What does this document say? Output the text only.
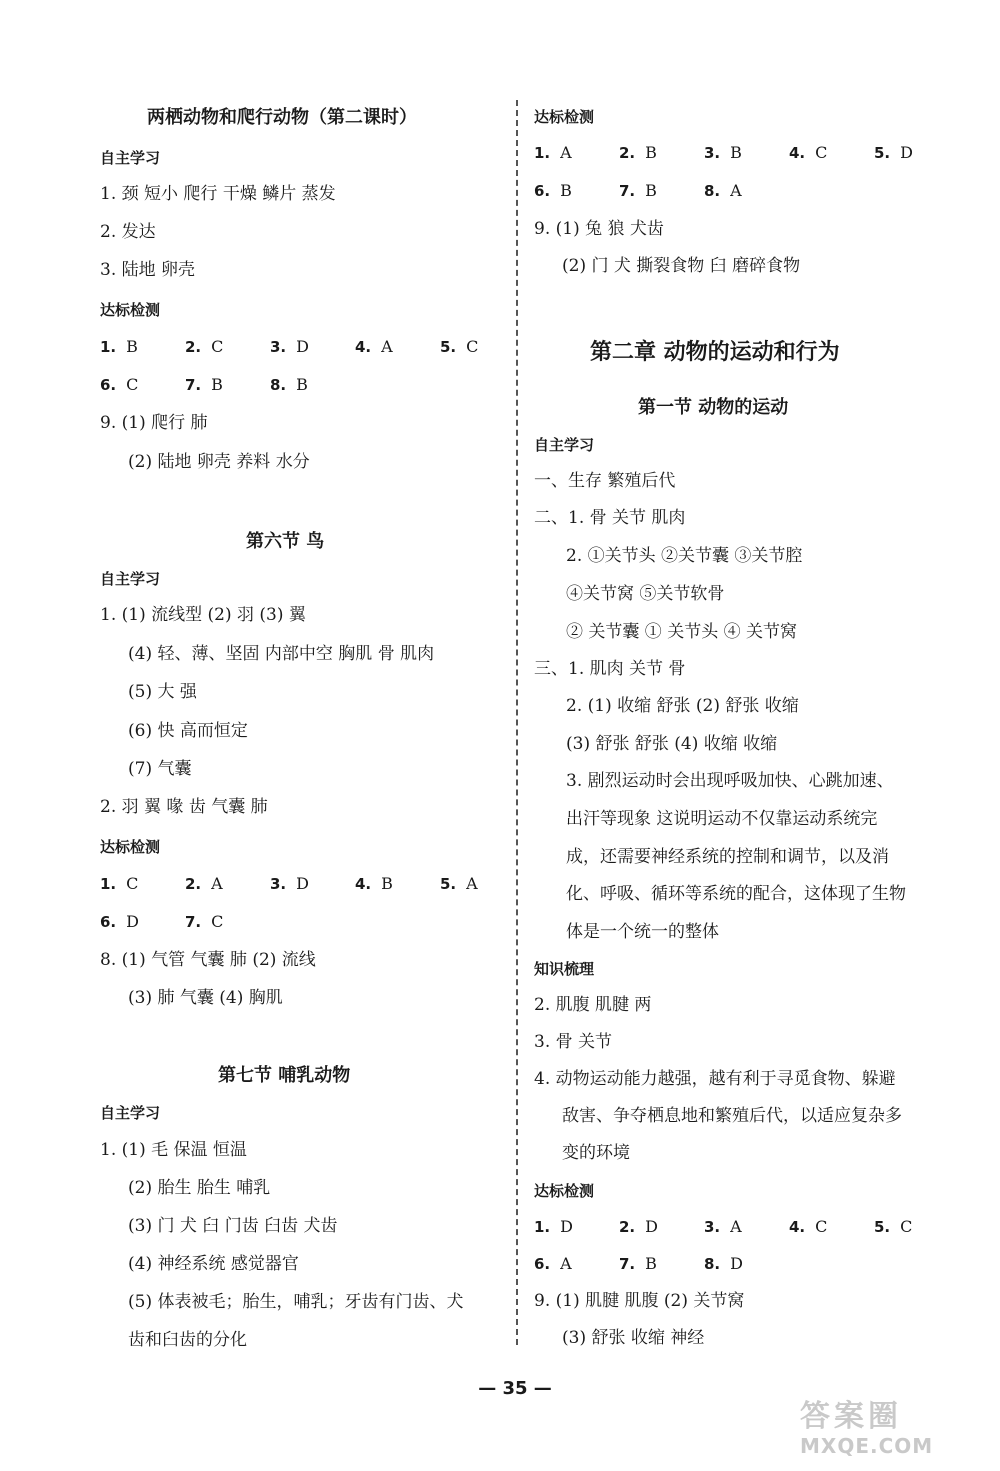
两栖动物和爬行动物（第二课时）
自主学习
1. 颈 短小 爬行 干燥 鳞片 蒸发
2. 发达
3. 陆地 卵壳
达标检测
1. B	2. C	3. D	4. A	5. C
6. C	7. B	8. B
9. (1) 爬行 肺
(2) 陆地 卵壳 养料 水分
第六节 鸟
自主学习
1. (1) 流线型 (2) 羽 (3) 翼
(4) 轻、薄、坚固 内部中空 胸肌 骨 肌肉
(5) 大 强
(6) 快 高而恒定
(7) 气囊
2. 羽 翼 喙 齿 气囊 肺
达标检测
1. C	2. A	3. D	4. B	5. A
6. D	7. C
8. (1) 气管 气囊 肺 (2) 流线
(3) 肺 气囊 (4) 胸肌
第七节 哺乳动物
自主学习
1. (1) 毛 保温 恒温
(2) 胎生 胎生 哺乳
(3) 门 犬 臼 门齿 臼齿 犬齿
(4) 神经系统 感觉器官
(5) 体表被毛；胎生，哺乳；牙齿有门齿、犬
齿和臼齿的分化
达标检测
1. A	2. B	3. B	4. C	5. D
6. B	7. B	8. A
9. (1) 兔 狼 犬齿
(2) 门 犬 撕裂食物 臼 磨碎食物
第二章 动物的运动和行为
第一节 动物的运动
自主学习
一、生存 繁殖后代
二、1. 骨 关节 肌肉
2. ①关节头 ②关节囊 ③关节腔
④关节窝 ⑤关节软骨
② 关节囊 ① 关节头 ④ 关节窝
三、1. 肌肉 关节 骨
2. (1) 收缩 舒张 (2) 舒张 收缩
(3) 舒张 舒张 (4) 收缩 收缩
3. 剧烈运动时会出现呼吸加快、心跳加速、
出汗等现象 这说明运动不仅靠运动系统完
成，还需要神经系统的控制和调节，以及消
化、呼吸、循环等系统的配合，这体现了生物
体是一个统一的整体
知识梳理
2. 肌腹 肌腱 两
3. 骨 关节
4. 动物运动能力越强，越有利于寻觅食物、躲避
敌害、争夺栖息地和繁殖后代，以适应复杂多
变的环境
达标检测
1. D	2. D	3. A	4. C	5. C
6. A	7. B	8. D
9. (1) 肌腱 肌腹 (2) 关节窝
(3) 舒张 收缩 神经
— 35 —
答案圈
MXQE.COM
